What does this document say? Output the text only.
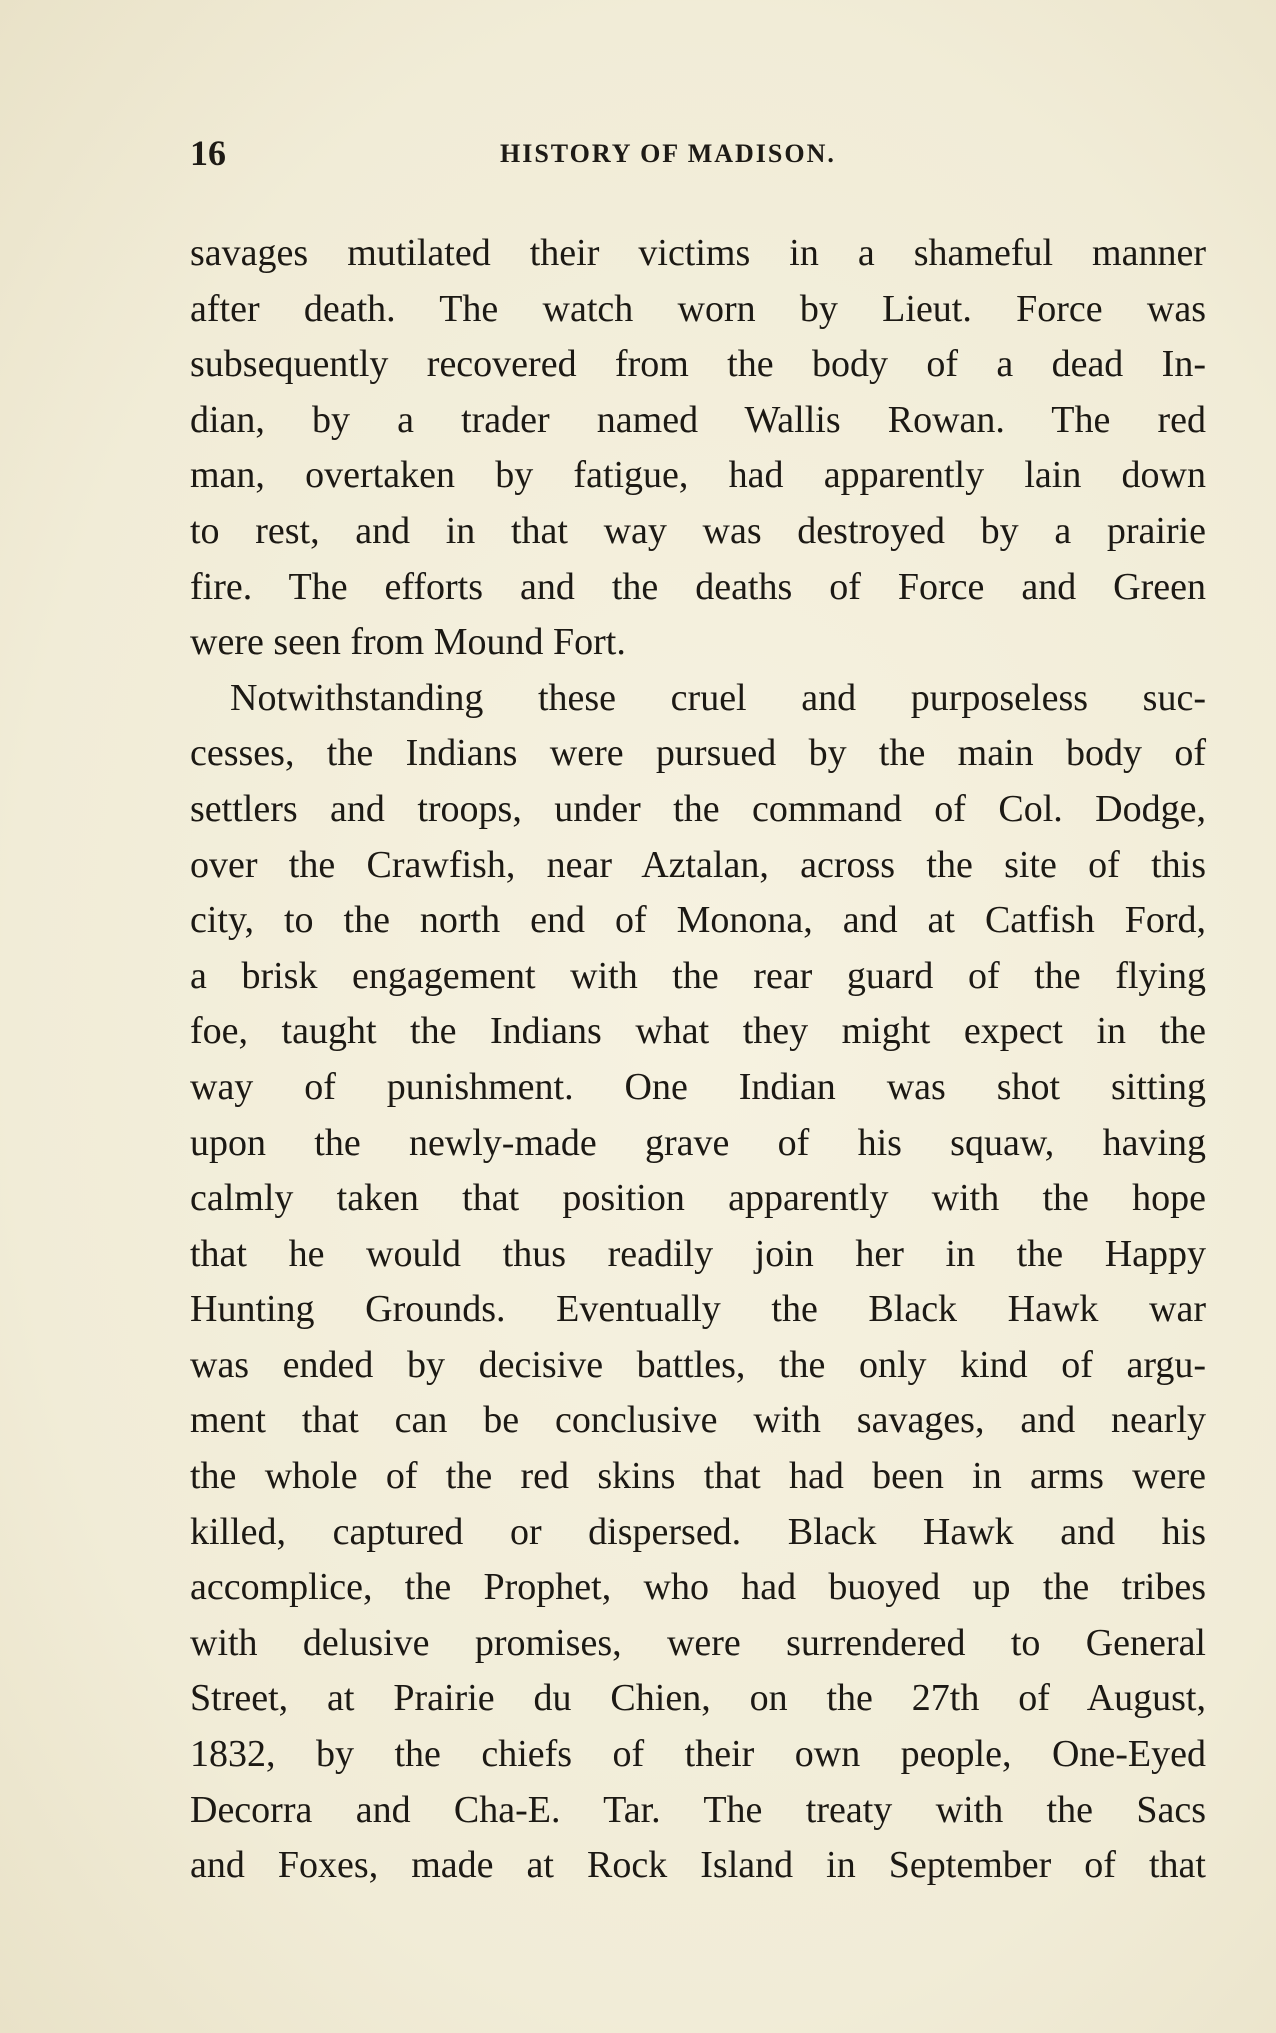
16	HISTORY OF MADISON.
savages mutilated their victims in a shameful manner
after death. The watch worn by Lieut. Force was
subsequently recovered from the body of a dead In-
dian, by a trader named Wallis Rowan. The red
man, overtaken by fatigue, had apparently lain down
to rest, and in that way was destroyed by a prairie
fire. The efforts and the deaths of Force and Green
were seen from Mound Fort.
Notwithstanding these cruel and purposeless suc-
cesses, the Indians were pursued by the main body of
settlers and troops, under the command of Col. Dodge,
over the Crawfish, near Aztalan, across the site of this
city, to the north end of Monona, and at Catfish Ford,
a brisk engagement with the rear guard of the flying
foe, taught the Indians what they might expect in the
way of punishment. One Indian was shot sitting
upon the newly-made grave of his squaw, having
calmly taken that position apparently with the hope
that he would thus readily join her in the Happy
Hunting Grounds. Eventually the Black Hawk war
was ended by decisive battles, the only kind of argu-
ment that can be conclusive with savages, and nearly
the whole of the red skins that had been in arms were
killed, captured or dispersed. Black Hawk and his
accomplice, the Prophet, who had buoyed up the tribes
with delusive promises, were surrendered to General
Street, at Prairie du Chien, on the 27th of August,
1832, by the chiefs of their own people, One-Eyed
Decorra and Cha-E. Tar. The treaty with the Sacs
and Foxes, made at Rock Island in September of that
